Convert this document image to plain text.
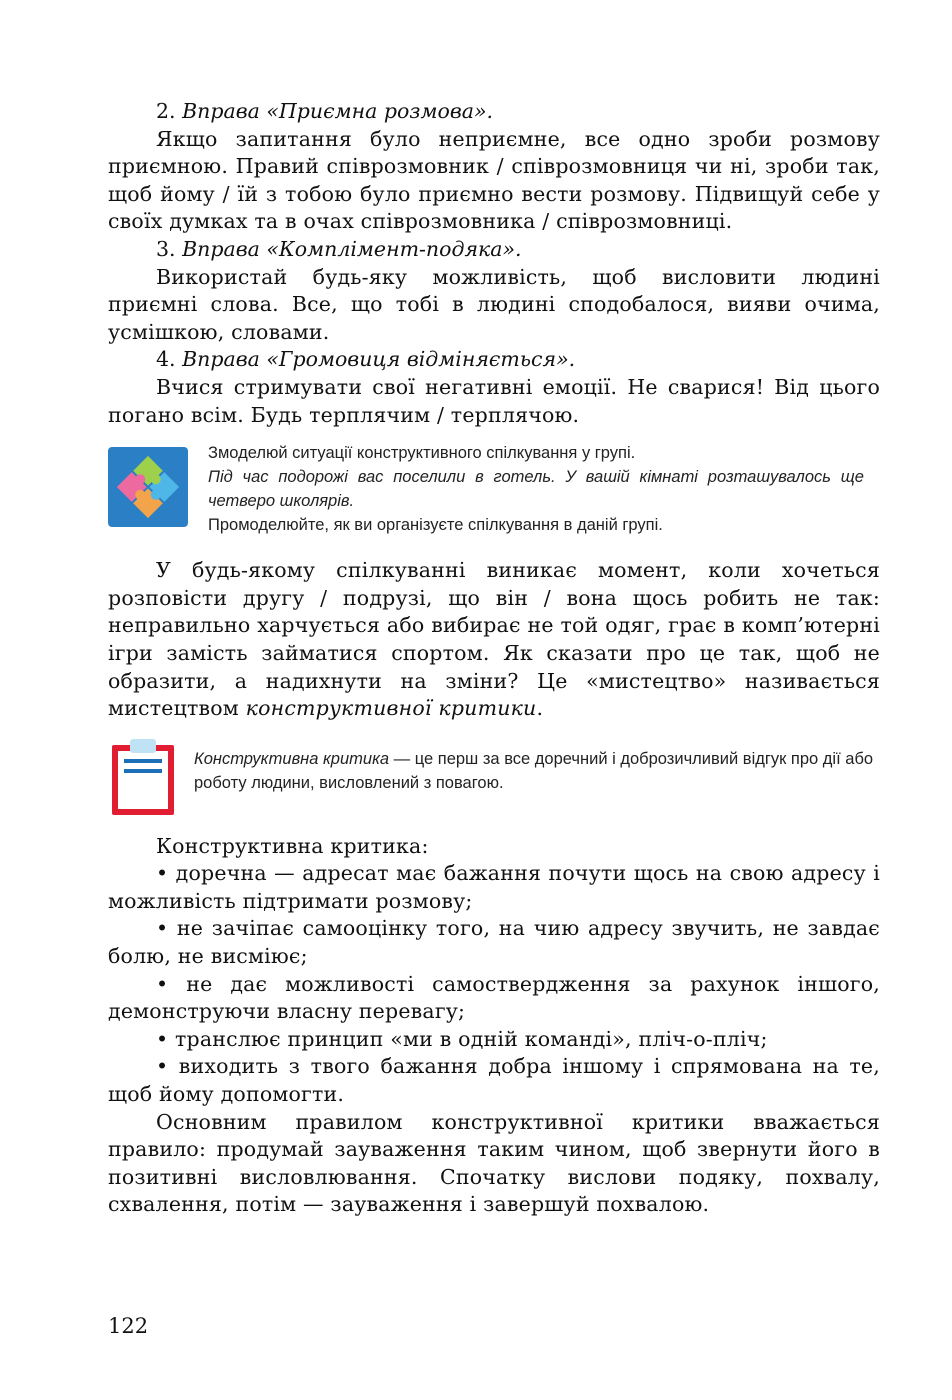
2. Вправа «Приємна розмова».

Якщо запитання було неприємне, все одно зроби розмову приємною. Правий співрозмовник / співрозмовниця чи ні, зроби так, щоб йому / їй з тобою було приємно вести розмову. Підвищуй себе у своїх думках та в очах співрозмовника / співрозмовниці.

3. Вправа «Комплімент-подяка».

Використай будь-яку можливість, щоб висловити людині приємні слова. Все, що тобі в людині сподобалося, вияви очима, усмішкою, словами.

4. Вправа «Громовиця відміняється».

Вчися стримувати свої негативні емоції. Не сварися! Від цього погано всім. Будь терплячим / терплячою.

Змоделюй ситуації конструктивного спілкування у групі.
Під час подорожі вас поселили в готель. У вашій кімнаті розташувалось ще четверо школярів.
Промоделюйте, як ви організуєте спілкування в даній групі.

У будь-якому спілкуванні виникає момент, коли хочеться розповісти другу / подрузі, що він / вона щось робить не так: неправильно харчується або вибирає не той одяг, грає в комп’ютерні ігри замість займатися спортом. Як сказати про це так, щоб не образити, а надихнути на зміни? Це «мистецтво» називається мистецтвом конструктивної критики.

Конструктивна критика — це перш за все доречний і доброзичливий відгук про дії або роботу людини, висловлений з повагою.

Конструктивна критика:

• доречна — адресат має бажання почути щось на свою адресу і можливість підтримати розмову;

• не зачіпає самооцінку того, на чию адресу звучить, не завдає болю, не висміює;

• не дає можливості самоствердження за рахунок іншого, демонструючи власну перевагу;

• транслює принцип «ми в одній команді», пліч-о-пліч;

• виходить з твого бажання добра іншому і спрямована на те, щоб йому допомогти.

Основним правилом конструктивної критики вважається правило: продумай зауваження таким чином, щоб звернути його в позитивні висловлювання. Спочатку вислови подяку, похвалу, схвалення, потім — зауваження і завершуй похвалою.

122
